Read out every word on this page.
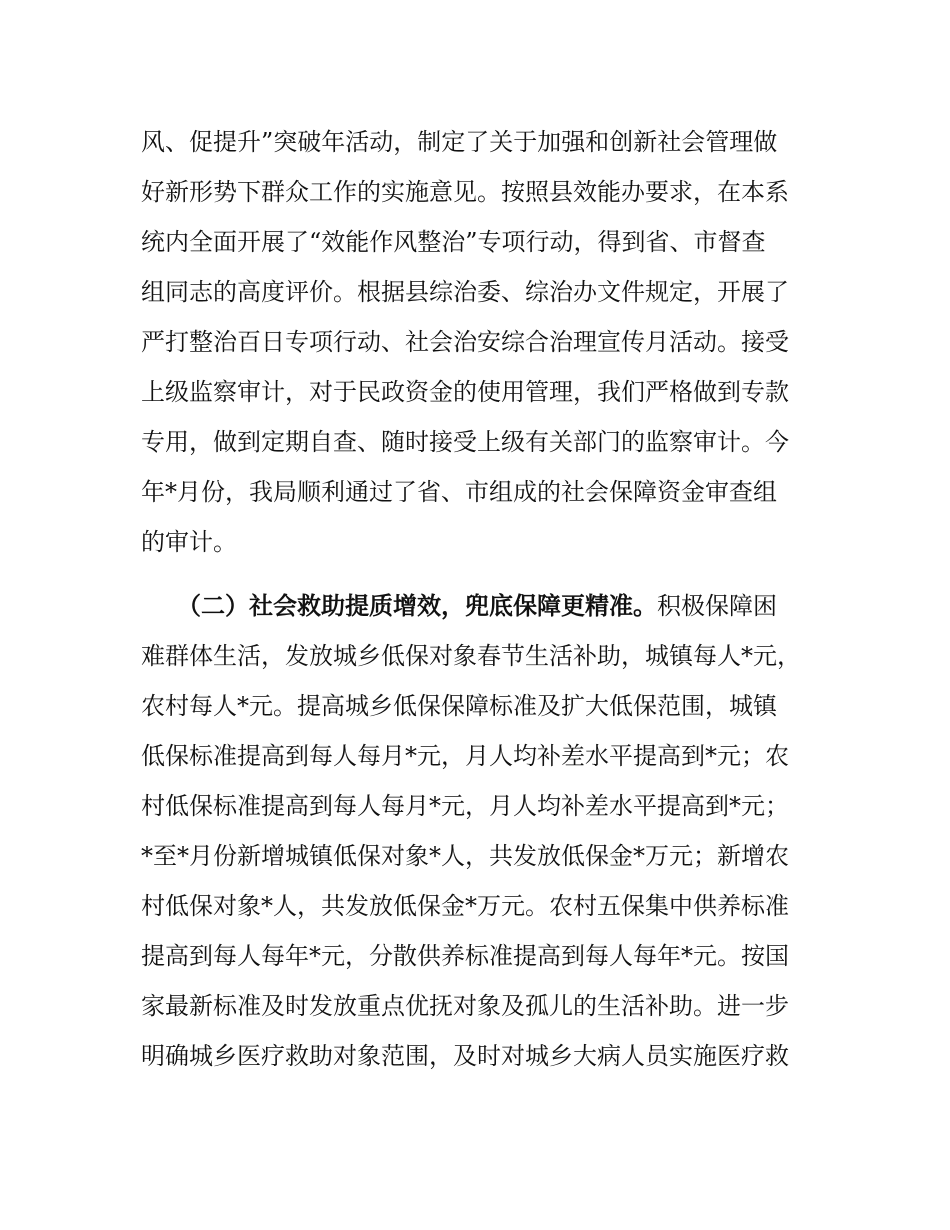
风、促提升”突破年活动，制定了关于加强和创新社会管理做
好新形势下群众工作的实施意见。按照县效能办要求，在本系
统内全面开展了“效能作风整治”专项行动，得到省、市督查
组同志的高度评价。根据县综治委、综治办文件规定，开展了
严打整治百日专项行动、社会治安综合治理宣传月活动。接受
上级监察审计，对于民政资金的使用管理，我们严格做到专款
专用，做到定期自查、随时接受上级有关部门的监察审计。今
年*月份，我局顺利通过了省、市组成的社会保障资金审查组
的审计。
（二）社会救助提质增效，兜底保障更精准。积极保障困
难群体生活，发放城乡低保对象春节生活补助，城镇每人*元，
农村每人*元。提高城乡低保保障标准及扩大低保范围，城镇
低保标准提高到每人每月*元，月人均补差水平提高到*元；农
村低保标准提高到每人每月*元，月人均补差水平提高到*元；
*至*月份新增城镇低保对象*人，共发放低保金*万元；新增农
村低保对象*人，共发放低保金*万元。农村五保集中供养标准
提高到每人每年*元，分散供养标准提高到每人每年*元。按国
家最新标准及时发放重点优抚对象及孤儿的生活补助。进一步
明确城乡医疗救助对象范围，及时对城乡大病人员实施医疗救
